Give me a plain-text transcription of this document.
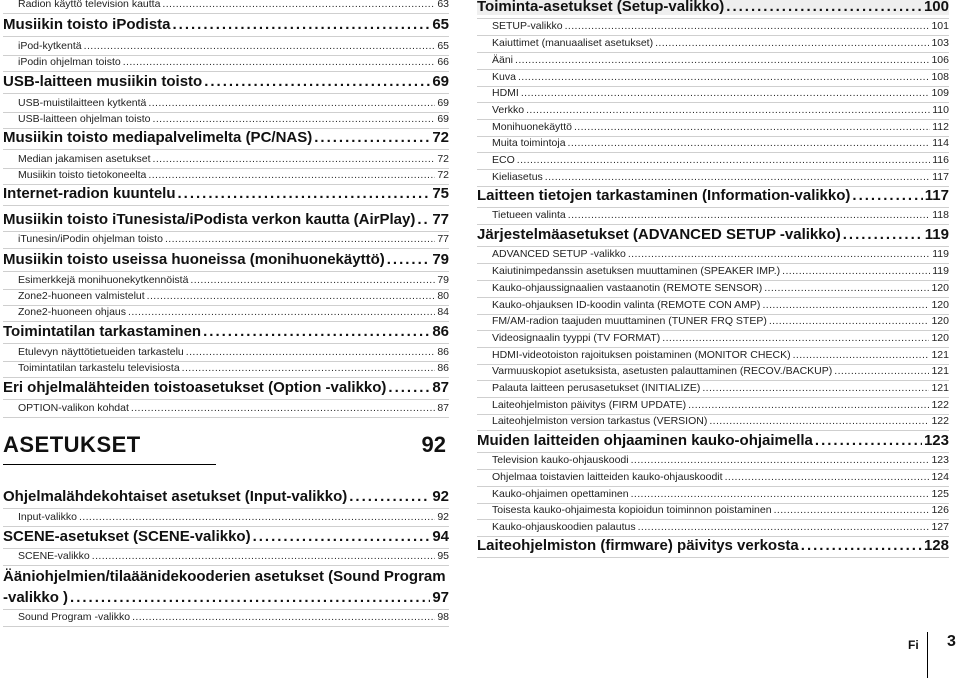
Radion käyttö television kautta .....	63
Musiikin toisto iPodista .....	65
iPod-kytkentä .....	65
iPodin ohjelman toisto .....	66
USB-laitteen musiikin toisto .....	69
USB-muistilaitteen kytkentä .....	69
USB-laitteen ohjelman toisto .....	69
Musiikin toisto mediapalvelimelta (PC/NAS) .....	72
Median jakamisen asetukset .....	72
Musiikin toisto tietokoneelta .....	72
Internet-radion kuuntelu .....	75
Musiikin toisto iTunesista/iPodista verkon kautta (AirPlay) ..... 77
iTunesin/iPodin ohjelman toisto .....	77
Musiikin toisto useissa huoneissa (monihuonekäyttö) .....	79
Esimerkkejä monihuonekytkennöistä .....	79
Zone2-huoneen valmistelut .....	80
Zone2-huoneen ohjaus .....	84
Toimintatilan tarkastaminen .....	86
Etulevyn näyttötietueiden tarkastelu .....	86
Toimintatilan tarkastelu televisiosta .....	86
Eri ohjelmalähteiden toistoasetukset (Option -valikko) .....	87
OPTION-valikon kohdat .....	87
Ohjelmalähdekohtaiset asetukset (Input-valikko) .....	92
Input-valikko .....	92
SCENE-asetukset (SCENE-valikko) .....	94
SCENE-valikko .....	95
Ääniohjelmien/tilaäänidekooderien asetukset (Sound Program
-valikko ) .....	97
Sound Program -valikko .....	98
ASETUKSET	92
Toiminta-asetukset (Setup-valikko) .....	100
SETUP-valikko .....	101
Kaiuttimet (manuaaliset asetukset) .....	103
Ääni .....	106
Kuva .....	108
HDMI .....	109
Verkko .....	110
Monihuonekäyttö .....	112
Muita toimintoja .....	114
ECO .....	116
Kieliasetus .....	117
Laitteen tietojen tarkastaminen (Information-valikko) .....	117
Tietueen valinta .....	118
Järjestelmäasetukset (ADVANCED SETUP -valikko) .....	119
ADVANCED SETUP -valikko .....	119
Kaiutinimpedanssin asetuksen muuttaminen (SPEAKER IMP.) .....	119
Kauko-ohjaussignaalien vastaanotin (REMOTE SENSOR) .....	120
Kauko-ohjauksen ID-koodin valinta (REMOTE CON AMP) .....	120
FM/AM-radion taajuden muuttaminen (TUNER FRQ STEP) .....	120
Videosignaalin tyyppi (TV FORMAT) .....	120
HDMI-videotoiston rajoituksen poistaminen (MONITOR CHECK) .....	121
Varmuuskopiot asetuksista, asetusten palauttaminen (RECOV./BACKUP) .....	121
Palauta laitteen perusasetukset (INITIALIZE) .....	121
Laiteohjelmiston päivitys (FIRM UPDATE) .....	122
Laiteohjelmiston version tarkastus (VERSION) .....	122
Muiden laitteiden ohjaaminen kauko-ohjaimella .....	123
Television kauko-ohjauskoodi .....	123
Ohjelmaa toistavien laitteiden kauko-ohjauskoodit .....	124
Kauko-ohjaimen opettaminen .....	125
Toisesta kauko-ohjaimesta kopioidun toiminnon poistaminen .....	126
Kauko-ohjauskoodien palautus .....	127
Laiteohjelmiston (firmware) päivitys verkosta .....	128
Fi 3
